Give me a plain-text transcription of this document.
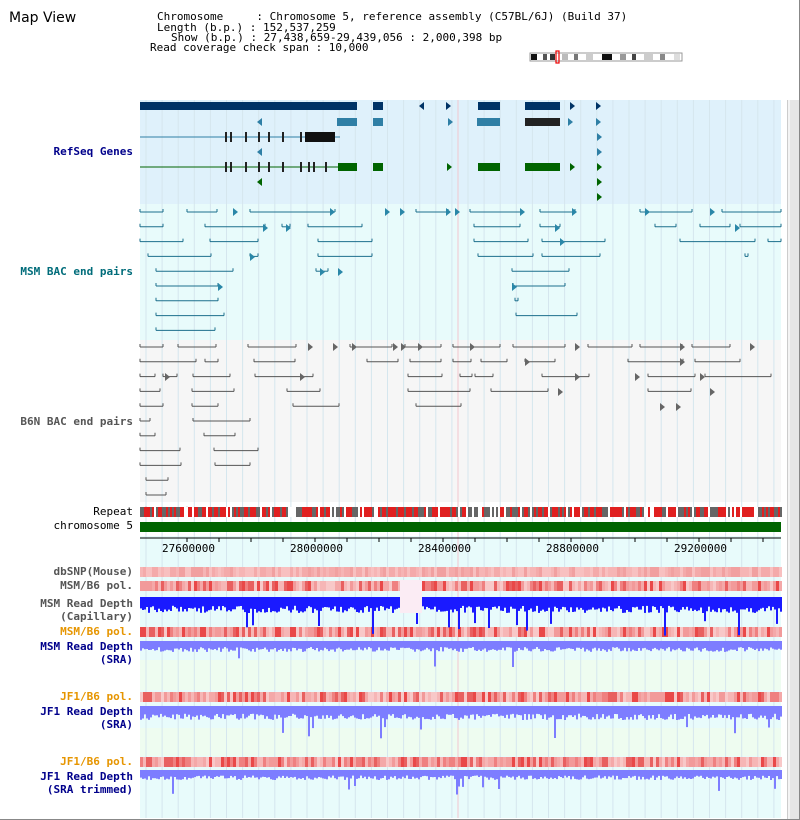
Map View	Chromosome     : Chromosome 5, reference assembly (C57BL/6J) (Build 37)
Length (b.p.) : 152,537,259
Show (b.p.) : 27,438,659-29,439,056 : 2,000,398 bp
Read coverage check span : 10,000
RefSeq Genes
MSM BAC end pairs
B6N BAC end pairs
Repeat
chromosome 5
dbSNP(Mouse)
MSM/B6 pol.
MSM Read Depth
(Capillary)
MSM/B6 pol.
MSM Read Depth
(SRA)
JF1/B6 pol.
JF1 Read Depth
(SRA)
JF1/B6 pol.
JF1 Read Depth
(SRA trimmed)
27600000	28000000	28400000	28800000	29200000
